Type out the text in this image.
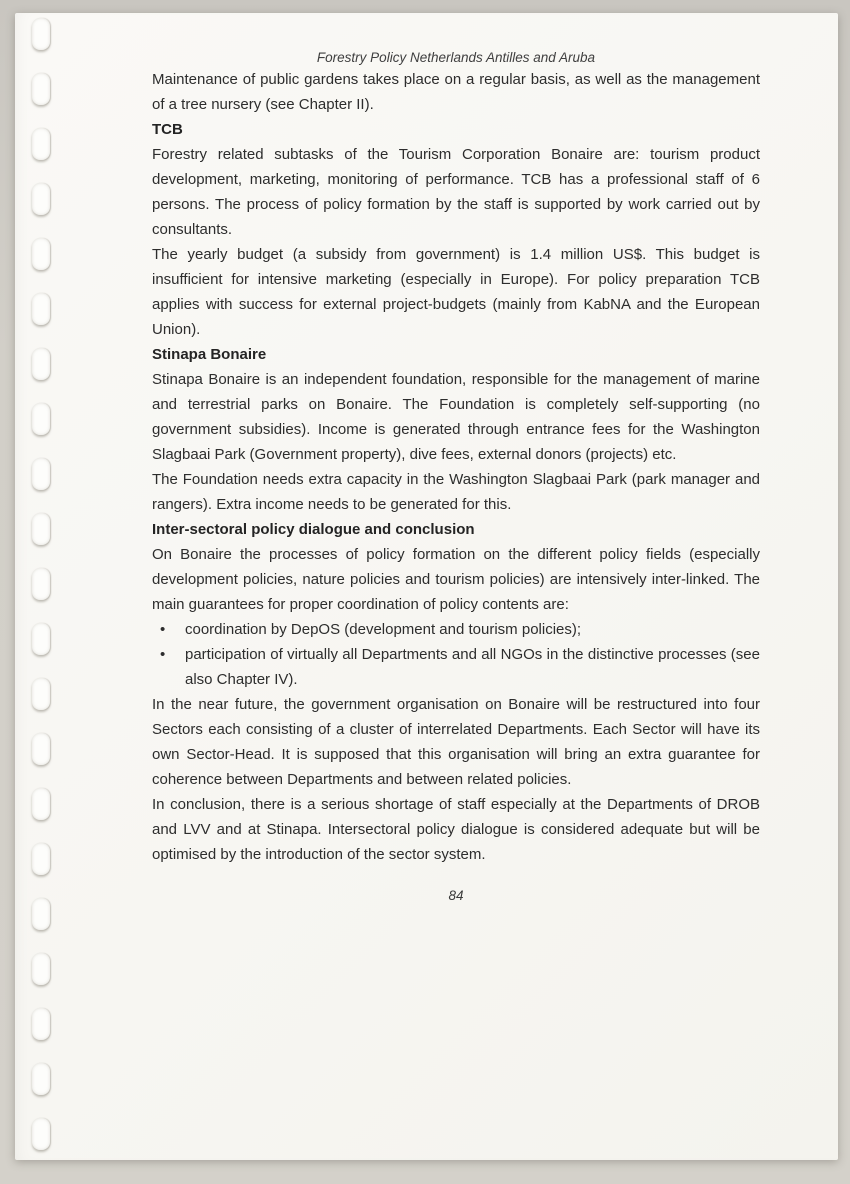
Forestry Policy Netherlands Antilles and Aruba

Maintenance of public gardens takes place on a regular basis, as well as the management of a tree nursery (see Chapter II).

TCB

Forestry related subtasks of the Tourism Corporation Bonaire are: tourism product development, marketing, monitoring of performance. TCB has a professional staff of 6 persons. The process of policy formation by the staff is supported by work carried out by consultants.

The yearly budget (a subsidy from government) is 1.4 million US$. This budget is insufficient for intensive marketing (especially in Europe). For policy preparation TCB applies with success for external project-budgets (mainly from KabNA and the European Union).

Stinapa Bonaire

Stinapa Bonaire is an independent foundation, responsible for the management of marine and terrestrial parks on Bonaire. The Foundation is completely self-supporting (no government subsidies). Income is generated through entrance fees for the Washington Slagbaai Park (Government property), dive fees, external donors (projects) etc.

The Foundation needs extra capacity in the Washington Slagbaai Park (park manager and rangers). Extra income needs to be generated for this.

Inter-sectoral policy dialogue and conclusion

On Bonaire the processes of policy formation on the different policy fields (especially development policies, nature policies and tourism policies) are intensively inter-linked. The main guarantees for proper coordination of policy contents are:

•	coordination by DepOS (development and tourism policies);
•	participation of virtually all Departments and all NGOs in the distinctive processes (see also Chapter IV).

In the near future, the government organisation on Bonaire will be restructured into four Sectors each consisting of a cluster of interrelated Departments. Each Sector will have its own Sector-Head. It is supposed that this organisation will bring an extra guarantee for coherence between Departments and between related policies.

In conclusion, there is a serious shortage of staff especially at the Departments of DROB and LVV and at Stinapa. Intersectoral policy dialogue is considered adequate but will be optimised by the introduction of the sector system.

84
